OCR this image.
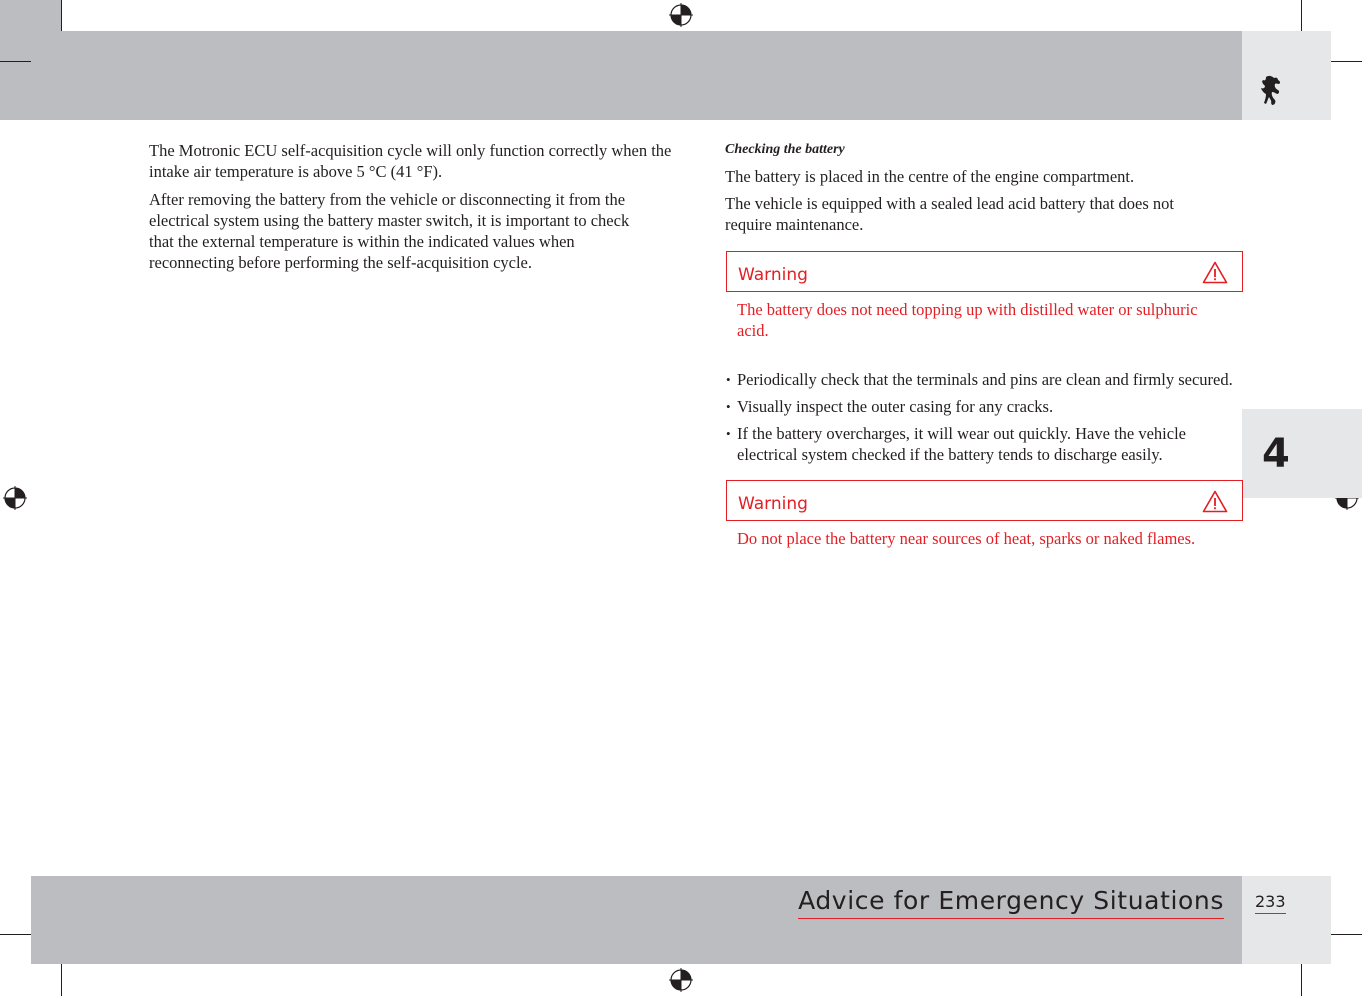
4

The Motronic ECU self-acquisition cycle will only function correctly when the intake air temperature is above 5 °C (41 °F).

After removing the battery from the vehicle or disconnecting it from the electrical system using the battery master switch, it is important to check that the external temperature is within the indicated values when reconnecting before performing the self-acquisition cycle.

Checking the battery

The battery is placed in the centre of the engine compartment.

The vehicle is equipped with a sealed lead acid battery that does not require maintenance.

Warning

The battery does not need topping up with distilled water or sulphuric acid.

• Periodically check that the terminals and pins are clean and firmly secured.
• Visually inspect the outer casing for any cracks.
• If the battery overcharges, it will wear out quickly. Have the vehicle electrical system checked if the battery tends to discharge easily.
Warning

Do not place the battery near sources of heat, sparks or naked flames.

Advice for Emergency Situations 233
